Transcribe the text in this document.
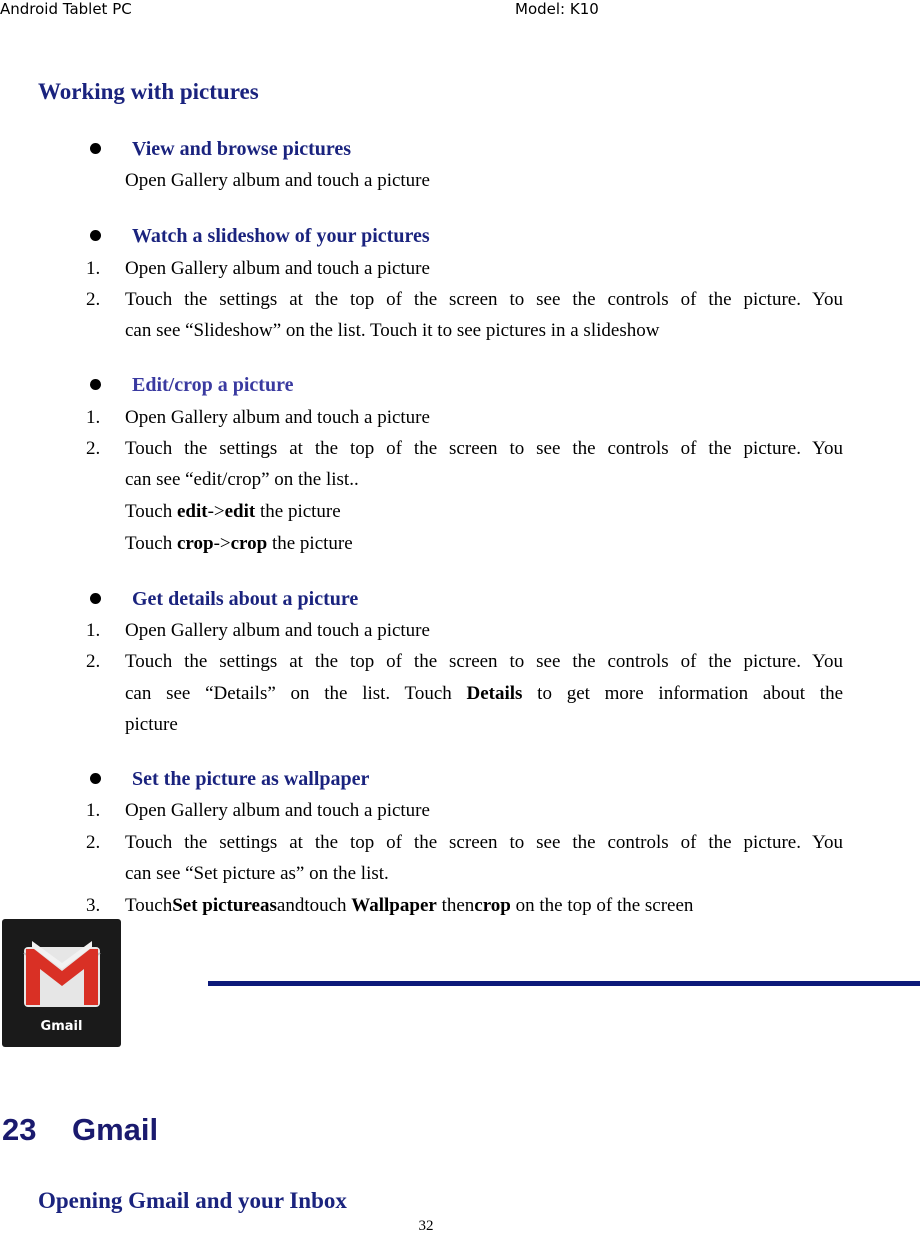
Android Tablet PC	Model: K10
Working with pictures
View and browse pictures
Open Gallery album and touch a picture
Watch a slideshow of your pictures
1. Open Gallery album and touch a picture
2. Touch the settings at the top of the screen to see the controls of the picture. You
can see “Slideshow” on the list. Touch it to see pictures in a slideshow
Edit/crop a picture
1. Open Gallery album and touch a picture
2. Touch the settings at the top of the screen to see the controls of the picture. You
can see “edit/crop” on the list..
Touch edit->edit the picture
Touch crop->crop the picture
Get details about a picture
1. Open Gallery album and touch a picture
2. Touch the settings at the top of the screen to see the controls of the picture. You
can see “Details” on the list. Touch Details to get more information about the
picture
Set the picture as wallpaper
1. Open Gallery album and touch a picture
2. Touch the settings at the top of the screen to see the controls of the picture. You
can see “Set picture as” on the list.
3. TouchSet pictureasandtouch Wallpaper thencrop on the top of the screen
Gmail
23 Gmail
Opening Gmail and your Inbox
32
